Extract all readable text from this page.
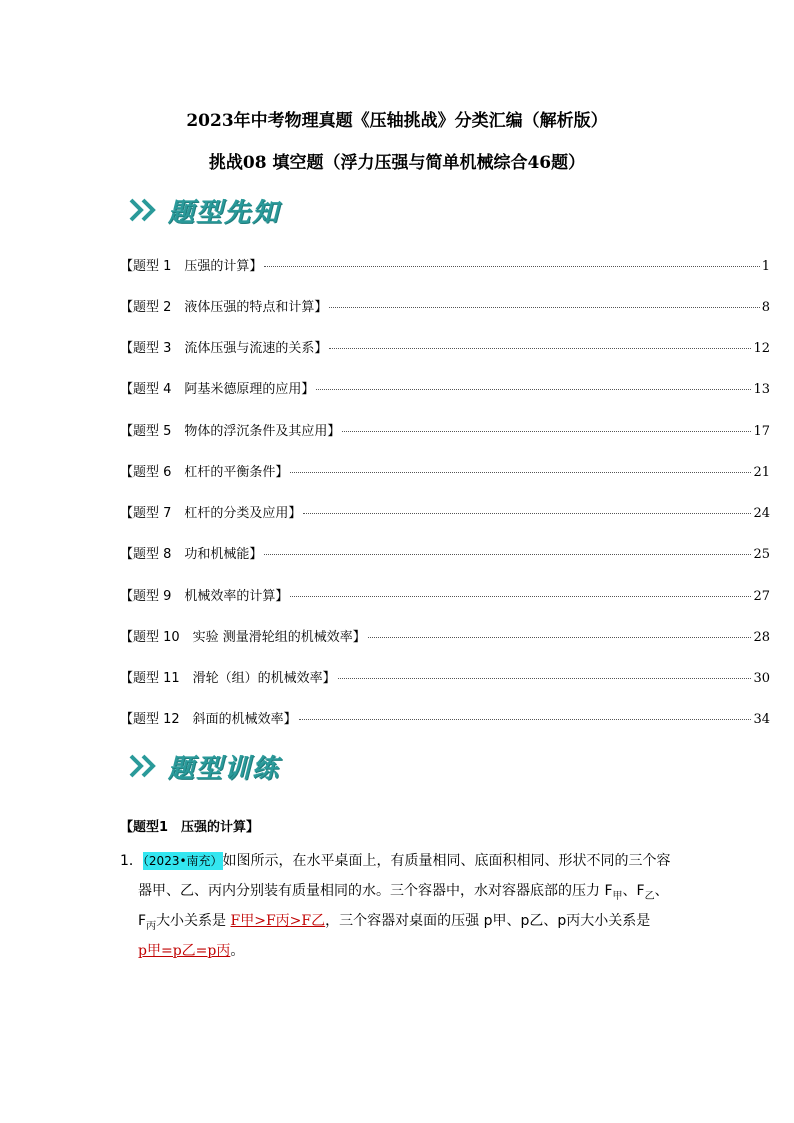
2023年中考物理真题《压轴挑战》分类汇编（解析版）
挑战08 填空题（浮力压强与简单机械综合46题）
题型先知
【题型 1　压强的计算】	1
【题型 2　液体压强的特点和计算】	8
【题型 3　流体压强与流速的关系】	12
【题型 4　阿基米德原理的应用】	13
【题型 5　物体的浮沉条件及其应用】	17
【题型 6　杠杆的平衡条件】	21
【题型 7　杠杆的分类及应用】	24
【题型 8　功和机械能】	25
【题型 9　机械效率的计算】	27
【题型 10　实验 测量滑轮组的机械效率】	28
【题型 11　滑轮（组）的机械效率】	30
【题型 12　斜面的机械效率】	34
题型训练
【题型1　压强的计算】
1．（2023•南充）如图所示，在水平桌面上，有质量相同、底面积相同、形状不同的三个容
器甲、乙、丙内分别装有质量相同的水。三个容器中，水对容器底部的压力 $F_甲$、$F_乙$、
$F_丙$大小关系是 F甲>F丙>F乙，三个容器对桌面的压强 p甲、p乙、p丙大小关系是
p甲=p乙=p丙。
